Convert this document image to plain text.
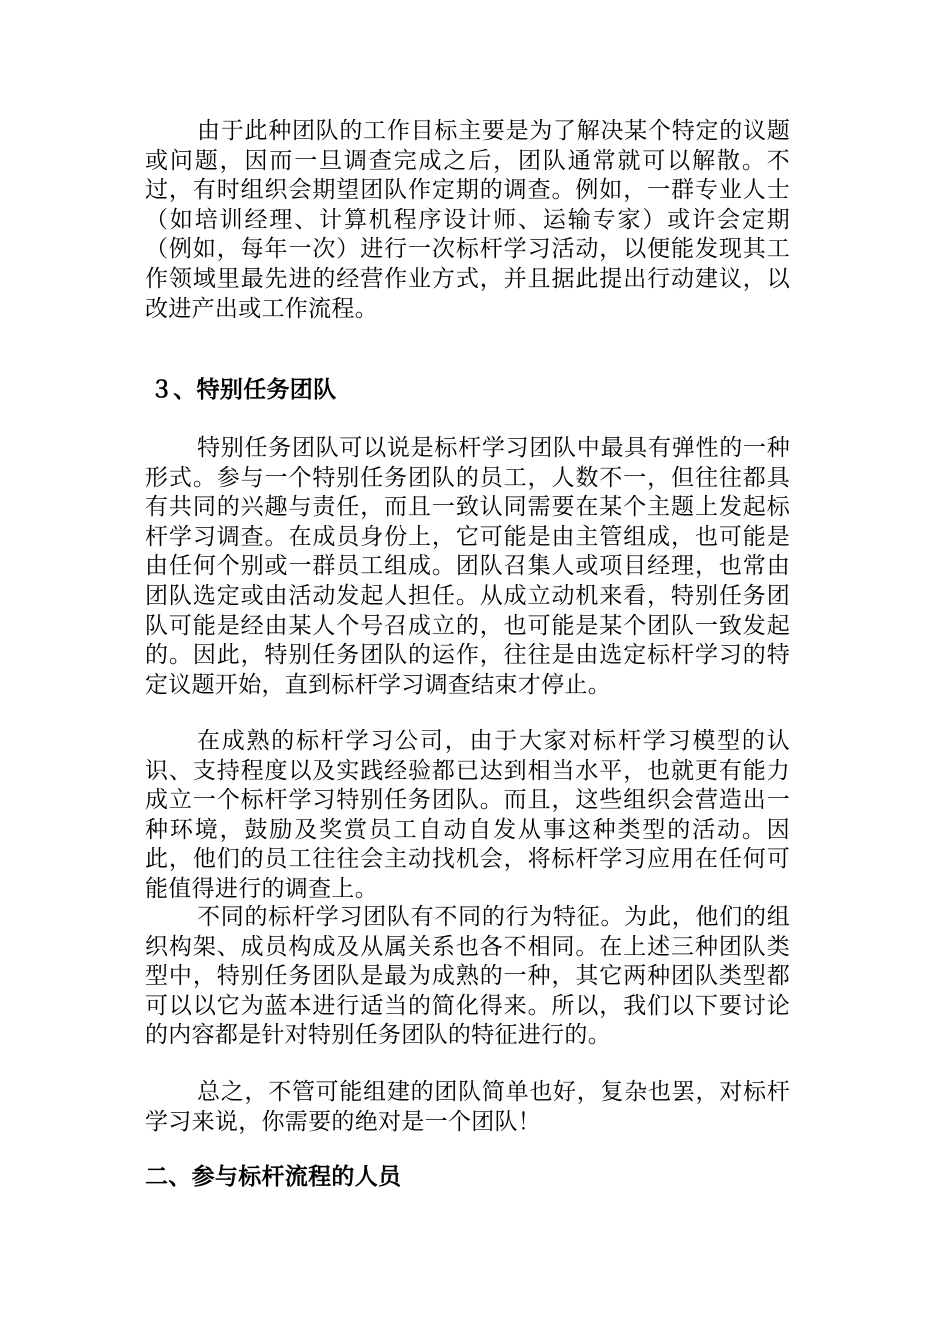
由于此种团队的工作目标主要是为了解决某个特定的议题或问题，因而一旦调查完成之后，团队通常就可以解散。不过，有时组织会期望团队作定期的调查。例如，一群专业人士（如培训经理、计算机程序设计师、运输专家）或许会定期（例如，每年一次）进行一次标杆学习活动，以便能发现其工作领域里最先进的经营作业方式，并且据此提出行动建议，以改进产出或工作流程。

３、特别任务团队

特别任务团队可以说是标杆学习团队中最具有弹性的一种形式。参与一个特别任务团队的员工，人数不一，但往往都具有共同的兴趣与责任，而且一致认同需要在某个主题上发起标杆学习调查。在成员身份上，它可能是由主管组成，也可能是由任何个别或一群员工组成。团队召集人或项目经理，也常由团队选定或由活动发起人担任。从成立动机来看，特别任务团队可能是经由某人个号召成立的，也可能是某个团队一致发起的。因此，特别任务团队的运作，往往是由选定标杆学习的特定议题开始，直到标杆学习调查结束才停止。

在成熟的标杆学习公司，由于大家对标杆学习模型的认识、支持程度以及实践经验都已达到相当水平，也就更有能力成立一个标杆学习特别任务团队。而且，这些组织会营造出一种环境，鼓励及奖赏员工自动自发从事这种类型的活动。因此，他们的员工往往会主动找机会，将标杆学习应用在任何可能值得进行的调查上。

不同的标杆学习团队有不同的行为特征。为此，他们的组织构架、成员构成及从属关系也各不相同。在上述三种团队类型中，特别任务团队是最为成熟的一种，其它两种团队类型都可以以它为蓝本进行适当的简化得来。所以，我们以下要讨论的内容都是针对特别任务团队的特征进行的。

总之，不管可能组建的团队简单也好，复杂也罢，对标杆学习来说，你需要的绝对是一个团队！

二、参与标杆流程的人员
